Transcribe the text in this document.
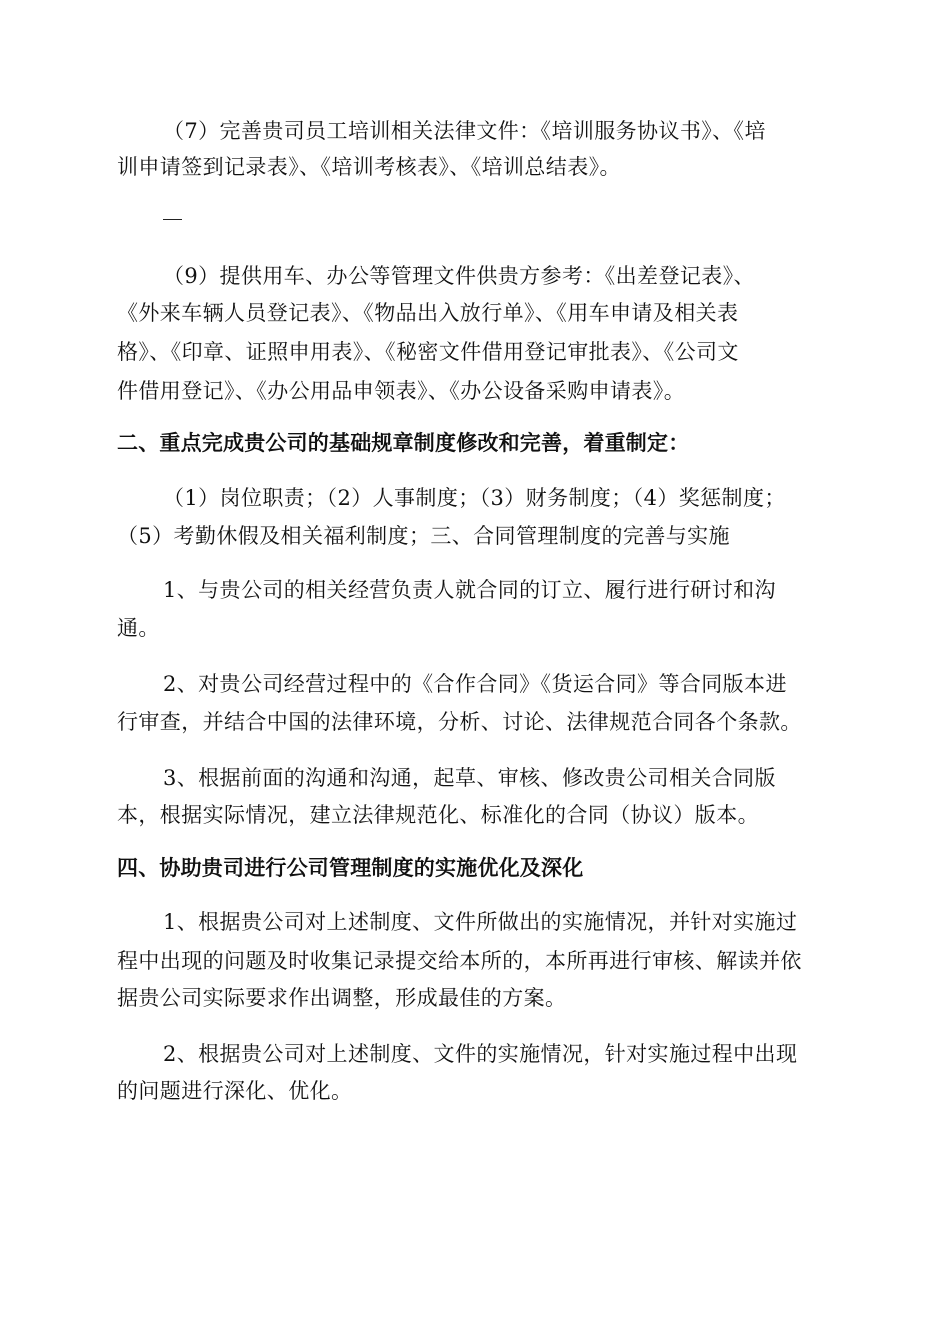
（7）完善贵司员工培训相关法律文件：《培训服务协议书》、《培
训申请签到记录表》、《培训考核表》、《培训总结表》。
（9）提供用车、办公等管理文件供贵方参考：《出差登记表》、
《外来车辆人员登记表》、《物品出入放行单》、《用车申请及相关表
格》、《印章、证照申用表》、《秘密文件借用登记审批表》、《公司文
件借用登记》、《办公用品申领表》、《办公设备采购申请表》。
二、重点完成贵公司的基础规章制度修改和完善，着重制定：
（1）岗位职责；（2）人事制度；（3）财务制度；（4）奖惩制度；
（5）考勤休假及相关福利制度；三、合同管理制度的完善与实施
1、与贵公司的相关经营负责人就合同的订立、履行进行研讨和沟
通。
2、对贵公司经营过程中的《合作合同》《货运合同》等合同版本进
行审查，并结合中国的法律环境，分析、讨论、法律规范合同各个条款。
3、根据前面的沟通和沟通，起草、审核、修改贵公司相关合同版
本，根据实际情况，建立法律规范化、标准化的合同（协议）版本。
四、协助贵司进行公司管理制度的实施优化及深化
1、根据贵公司对上述制度、文件所做出的实施情况，并针对实施过
程中出现的问题及时收集记录提交给本所的，本所再进行审核、解读并依
据贵公司实际要求作出调整，形成最佳的方案。
2、根据贵公司对上述制度、文件的实施情况，针对实施过程中出现
的问题进行深化、优化。
